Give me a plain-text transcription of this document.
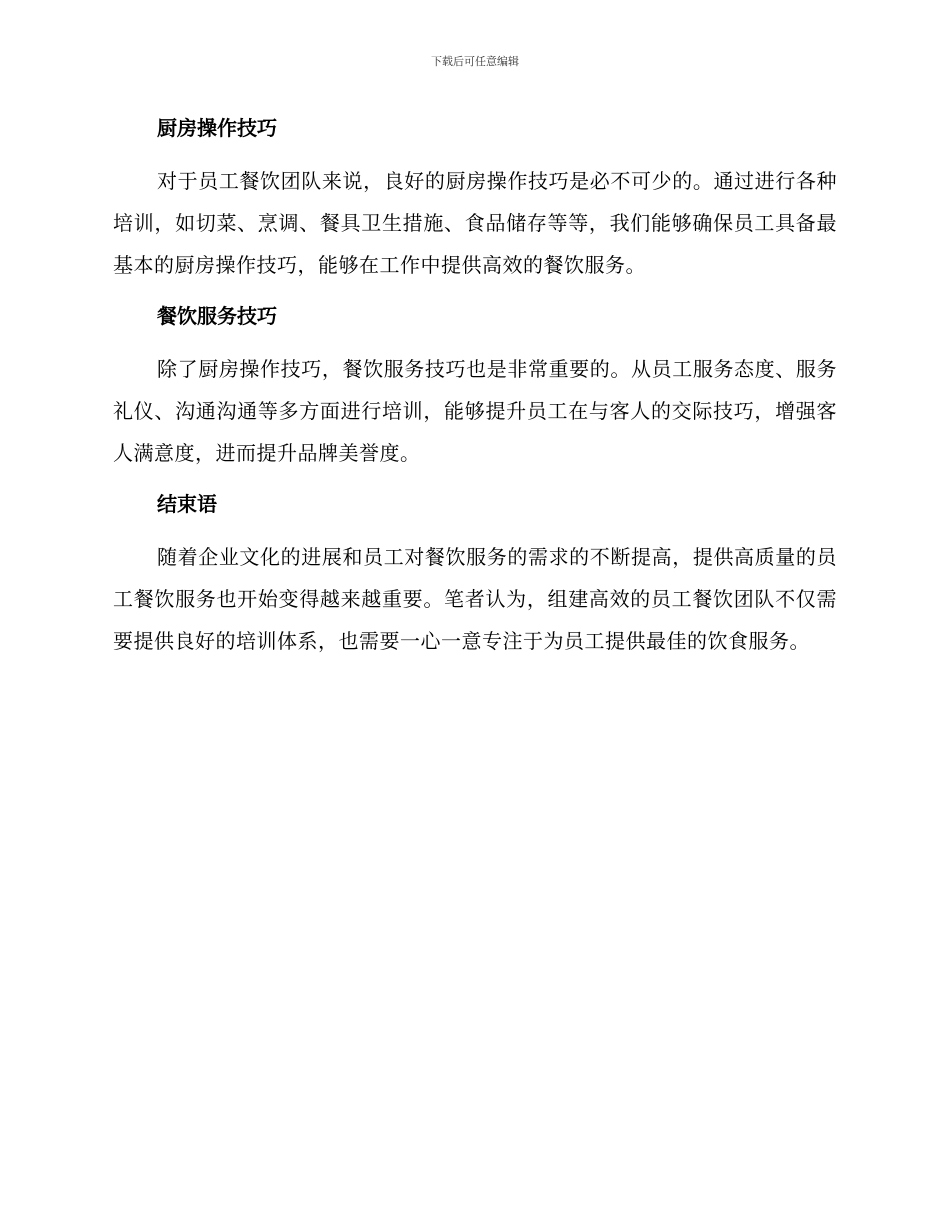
下载后可任意编辑
厨房操作技巧

对于员工餐饮团队来说，良好的厨房操作技巧是必不可少的。通过进行各种培训，如切菜、烹调、餐具卫生措施、食品储存等等，我们能够确保员工具备最基本的厨房操作技巧，能够在工作中提供高效的餐饮服务。

餐饮服务技巧

除了厨房操作技巧，餐饮服务技巧也是非常重要的。从员工服务态度、服务礼仪、沟通沟通等多方面进行培训，能够提升员工在与客人的交际技巧，增强客人满意度，进而提升品牌美誉度。

结束语

随着企业文化的进展和员工对餐饮服务的需求的不断提高，提供高质量的员工餐饮服务也开始变得越来越重要。笔者认为，组建高效的员工餐饮团队不仅需要提供良好的培训体系，也需要一心一意专注于为员工提供最佳的饮食服务。
